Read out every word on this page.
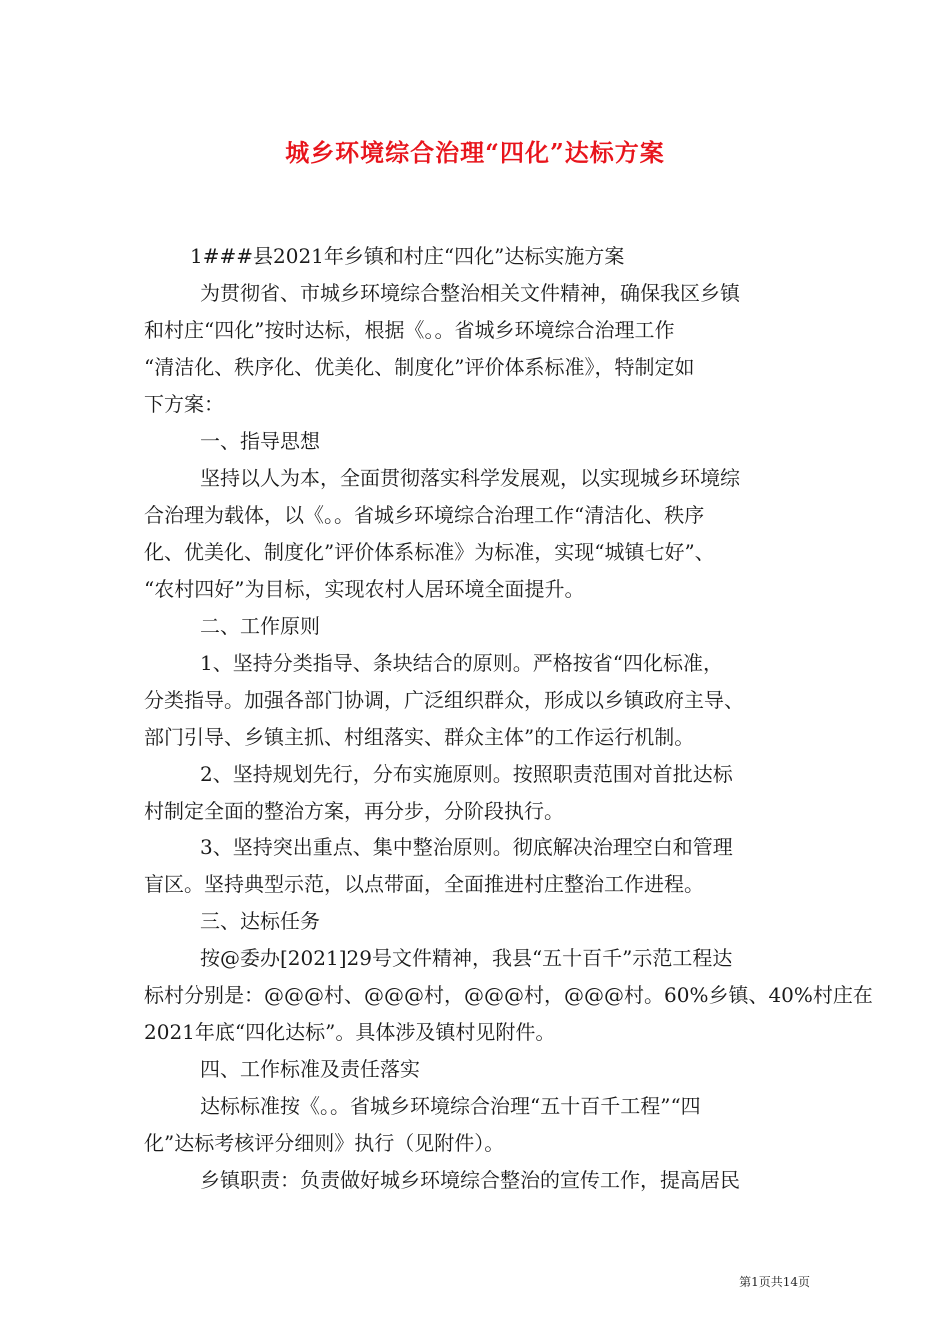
城乡环境综合治理“四化”达标方案
1###县2021年乡镇和村庄“四化”达标实施方案
为贯彻省、市城乡环境综合整治相关文件精神，确保我区乡镇
和村庄“四化”按时达标，根据《。。省城乡环境综合治理工作
“清洁化、秩序化、优美化、制度化”评价体系标准》，特制定如
下方案：
一、指导思想
坚持以人为本，全面贯彻落实科学发展观，以实现城乡环境综
合治理为载体，以《。。省城乡环境综合治理工作“清洁化、秩序
化、优美化、制度化”评价体系标准》为标准，实现“城镇七好”、
“农村四好”为目标，实现农村人居环境全面提升。
二、工作原则
1、坚持分类指导、条块结合的原则。严格按省“四化标准，
分类指导。加强各部门协调，广泛组织群众，形成以乡镇政府主导、
部门引导、乡镇主抓、村组落实、群众主体”的工作运行机制。
2、坚持规划先行，分布实施原则。按照职责范围对首批达标
村制定全面的整治方案，再分步，分阶段执行。
3、坚持突出重点、集中整治原则。彻底解决治理空白和管理
盲区。坚持典型示范，以点带面，全面推进村庄整治工作进程。
三、达标任务
按@委办[2021]29号文件精神，我县“五十百千”示范工程达
标村分别是：@@@村、@@@村，@@@村，@@@村。60%乡镇、40%村庄在
2021年底“四化达标”。具体涉及镇村见附件。
四、工作标准及责任落实
达标标准按《。。省城乡环境综合治理“五十百千工程”“四
化”达标考核评分细则》执行（见附件）。
乡镇职责：负责做好城乡环境综合整治的宣传工作，提高居民
第1页共14页
